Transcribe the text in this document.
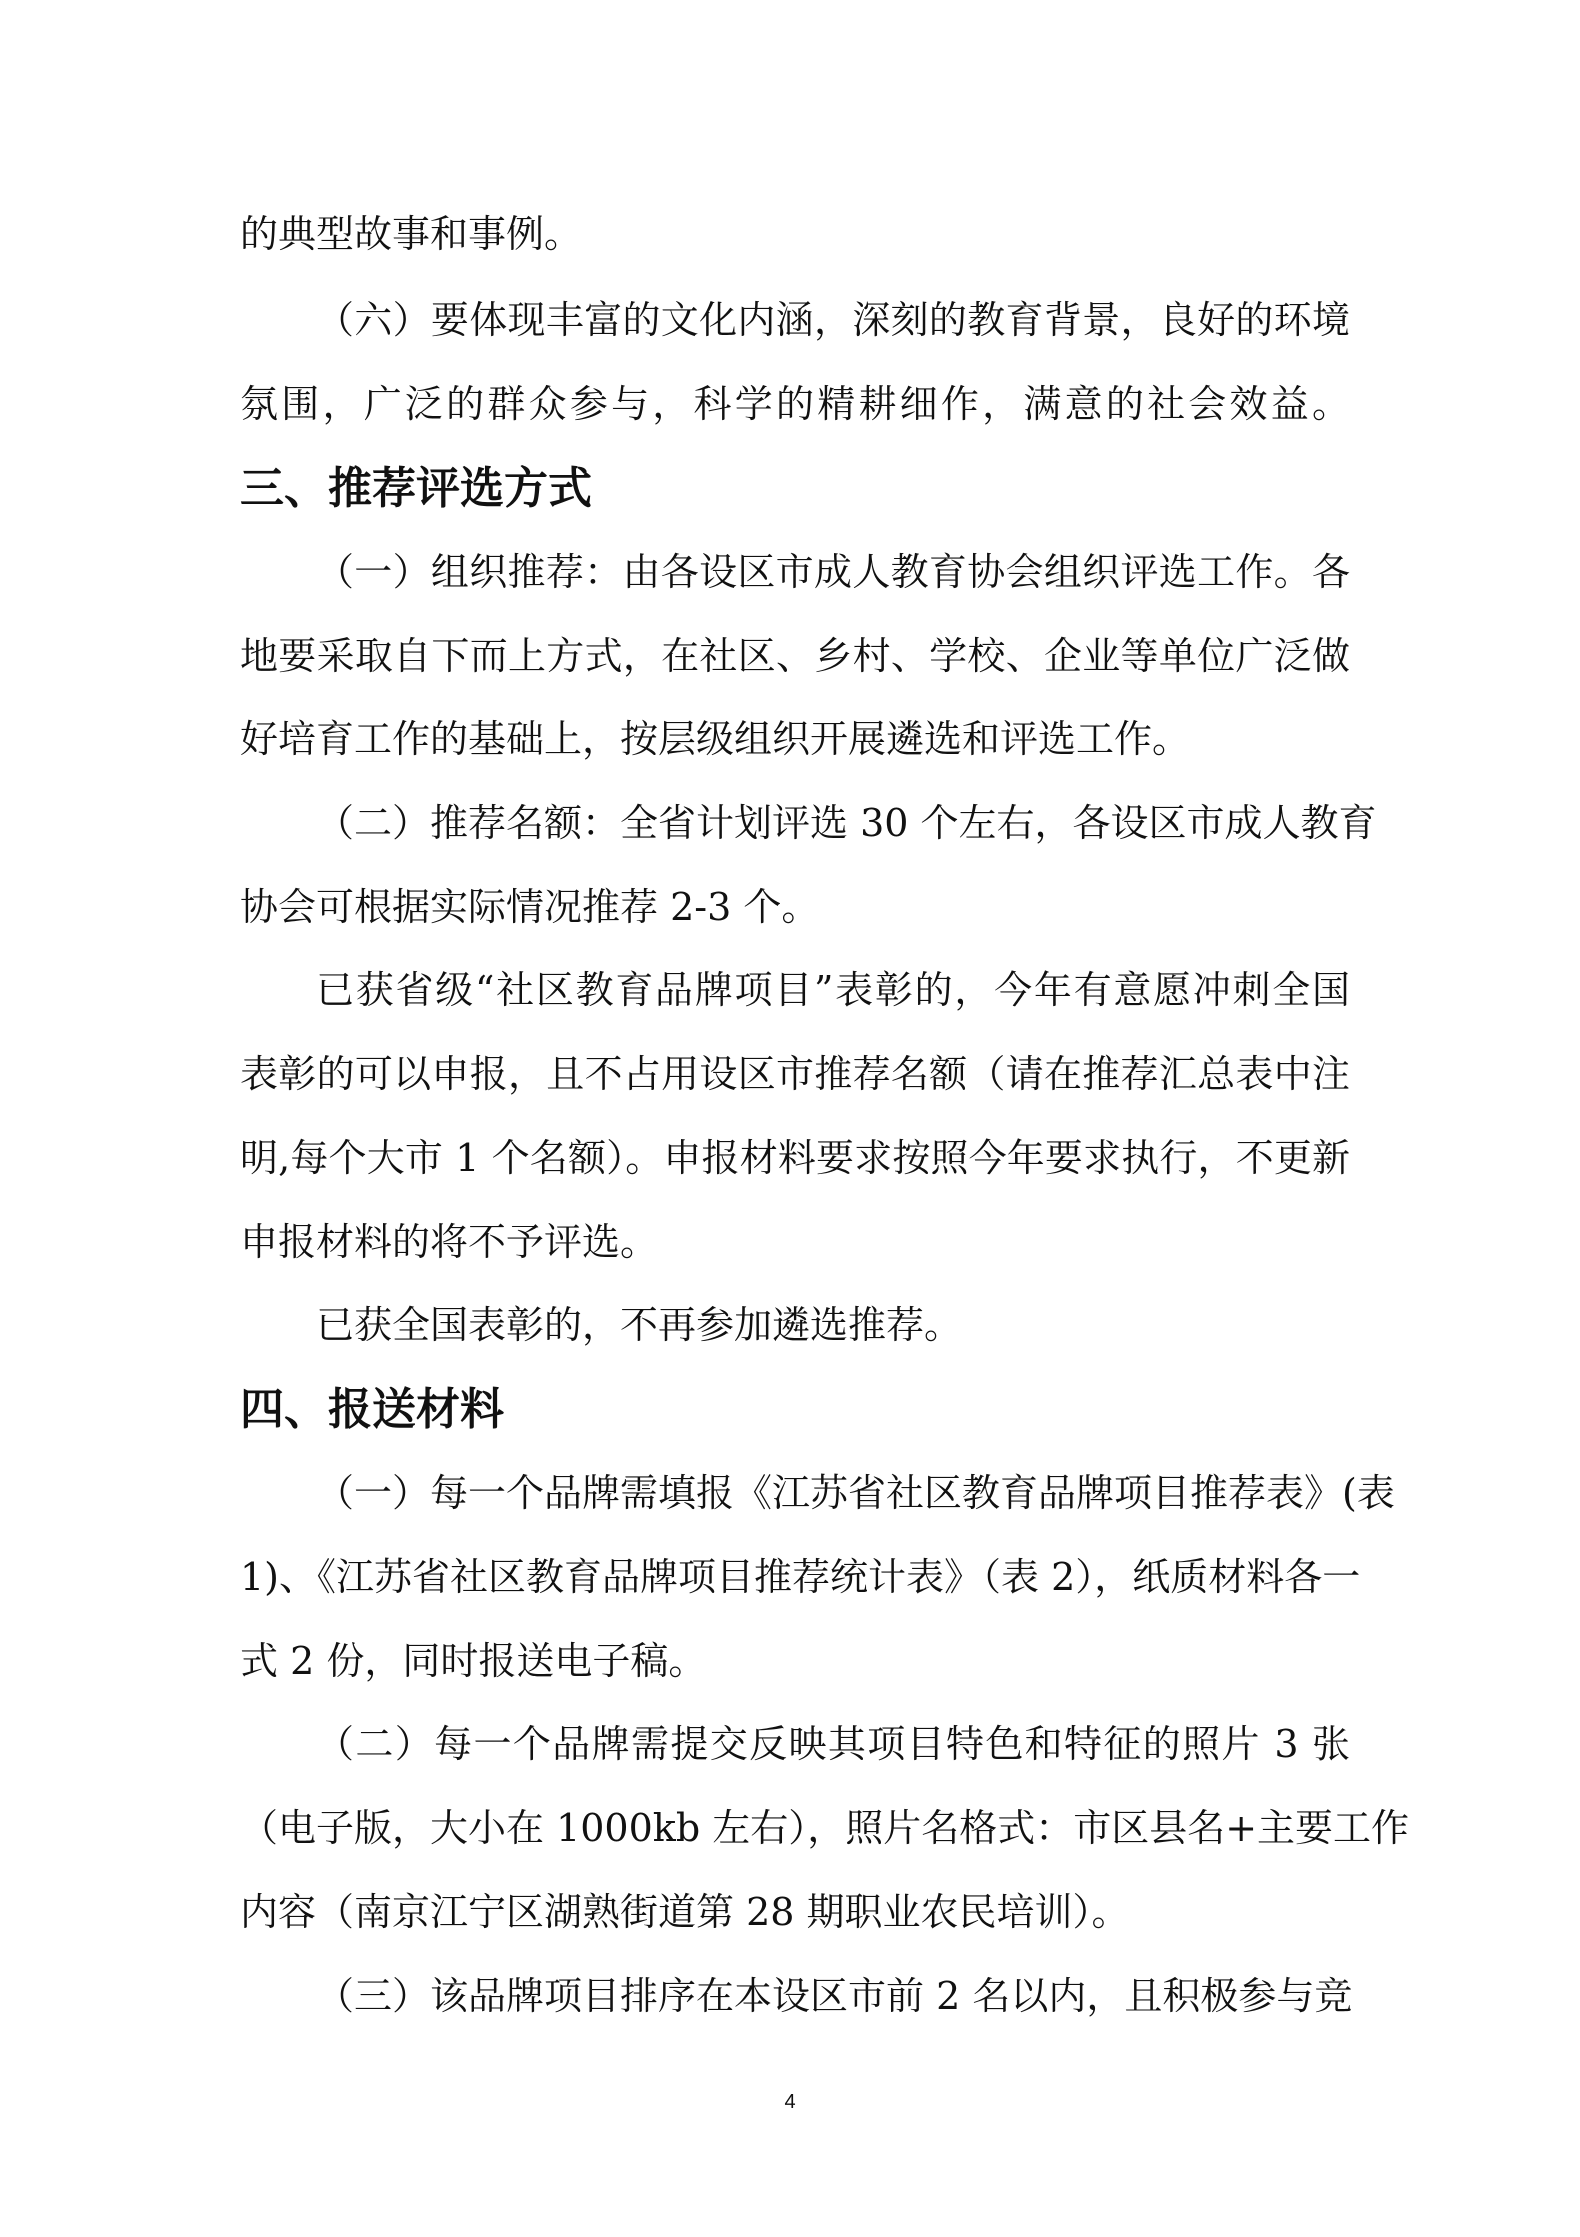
的典型故事和事例。
（六）要体现丰富的文化内涵，深刻的教育背景，良好的环境
氛围，广泛的群众参与，科学的精耕细作，满意的社会效益。
三、推荐评选方式
（一）组织推荐：由各设区市成人教育协会组织评选工作。各
地要采取自下而上方式，在社区、乡村、学校、企业等单位广泛做
好培育工作的基础上，按层级组织开展遴选和评选工作。
（二）推荐名额：全省计划评选 30 个左右，各设区市成人教育
协会可根据实际情况推荐 2-3 个。
已获省级“社区教育品牌项目”表彰的，今年有意愿冲刺全国
表彰的可以申报，且不占用设区市推荐名额（请在推荐汇总表中注
明,每个大市 1 个名额）。申报材料要求按照今年要求执行，不更新
申报材料的将不予评选。
已获全国表彰的，不再参加遴选推荐。
四、报送材料
（一）每一个品牌需填报《江苏省社区教育品牌项目推荐表》(表
1)、《江苏省社区教育品牌项目推荐统计表》（表 2），纸质材料各一
式 2 份，同时报送电子稿。
（二）每一个品牌需提交反映其项目特色和特征的照片 3 张
（电子版，大小在 1000kb 左右），照片名格式：市区县名+主要工作
内容（南京江宁区湖熟街道第 28 期职业农民培训）。
（三）该品牌项目排序在本设区市前 2 名以内，且积极参与竞
4
